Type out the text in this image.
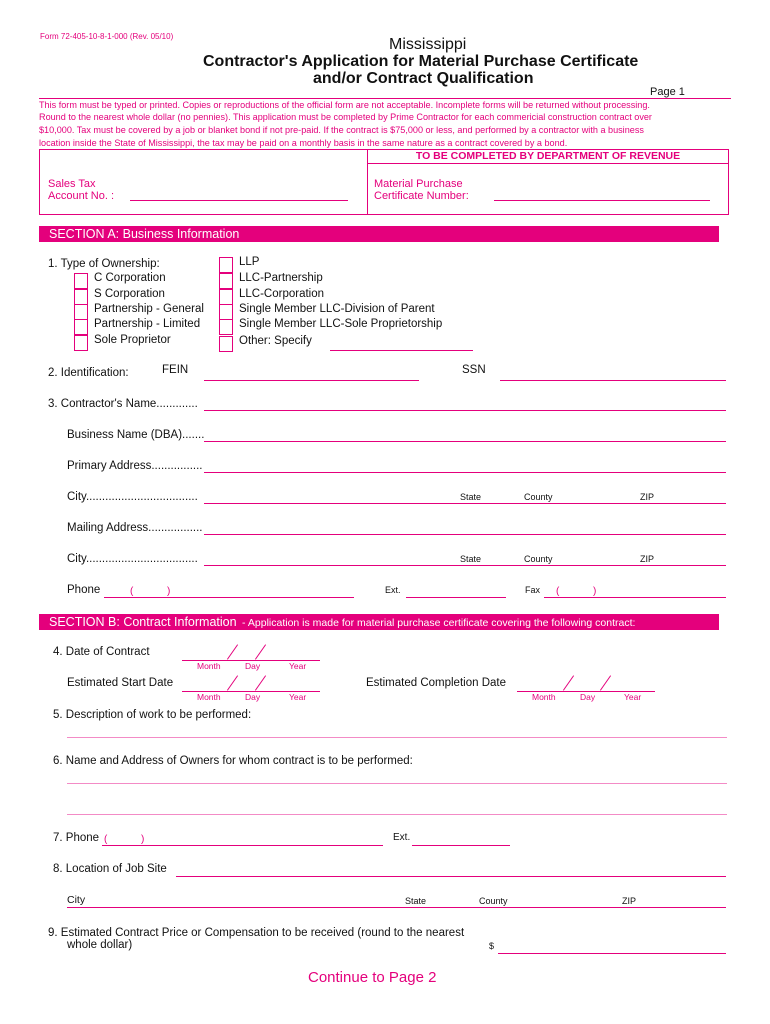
Form 72-405-10-8-1-000 (Rev. 05/10)	Mississippi
Contractor's Application for Material Purchase Certificate
and/or Contract Qualification
Page 1
This form must be typed or printed. Copies or reproductions of the official form are not acceptable. Incomplete forms will be returned without processing.
Round to the nearest whole dollar (no pennies). This application must be completed by Prime Contractor for each commericial construction contract over
$10,000. Tax must be covered by a job or blanket bond if not pre-paid. If the contract is $75,000 or less, and performed by a contractor with a business
location inside the State of Mississippi, the tax may be paid on a monthly basis in the same nature as a contract covered by a bond.
TO BE COMPLETED BY DEPARTMENT OF REVENUE
Sales Tax
Account No. :
Material Purchase
Certificate Number:
SECTION A: Business Information
1. Type of Ownership:
C Corporation
S Corporation
Partnership - General
Partnership - Limited
Sole Proprietor
LLP
LLC-Partnership
LLC-Corporation
Single Member LLC-Division of Parent
Single Member LLC-Sole Proprietorship
Other: Specify
2. Identification:	FEIN	SSN
3. Contractor's Name.............
Business Name (DBA).......
Primary Address................
City...................................	State	County	ZIP
Mailing Address.................
City...................................	State	County	ZIP
Phone	(	)	Ext.	Fax (	)
SECTION B: Contract Information - Application is made for material purchase certificate covering the following contract:
4. Date of Contract
Month	Day	Year
Estimated Start Date
Month	Day	Year
Estimated Completion Date
Month	Day	Year
5. Description of work to be performed:
6. Name and Address of Owners for whom contract is to be performed:
7. Phone (	)	Ext.
8. Location of Job Site
City	State	County	ZIP
9. Estimated Contract Price or Compensation to be received (round to the nearest
whole dollar)	$
Continue to Page 2
